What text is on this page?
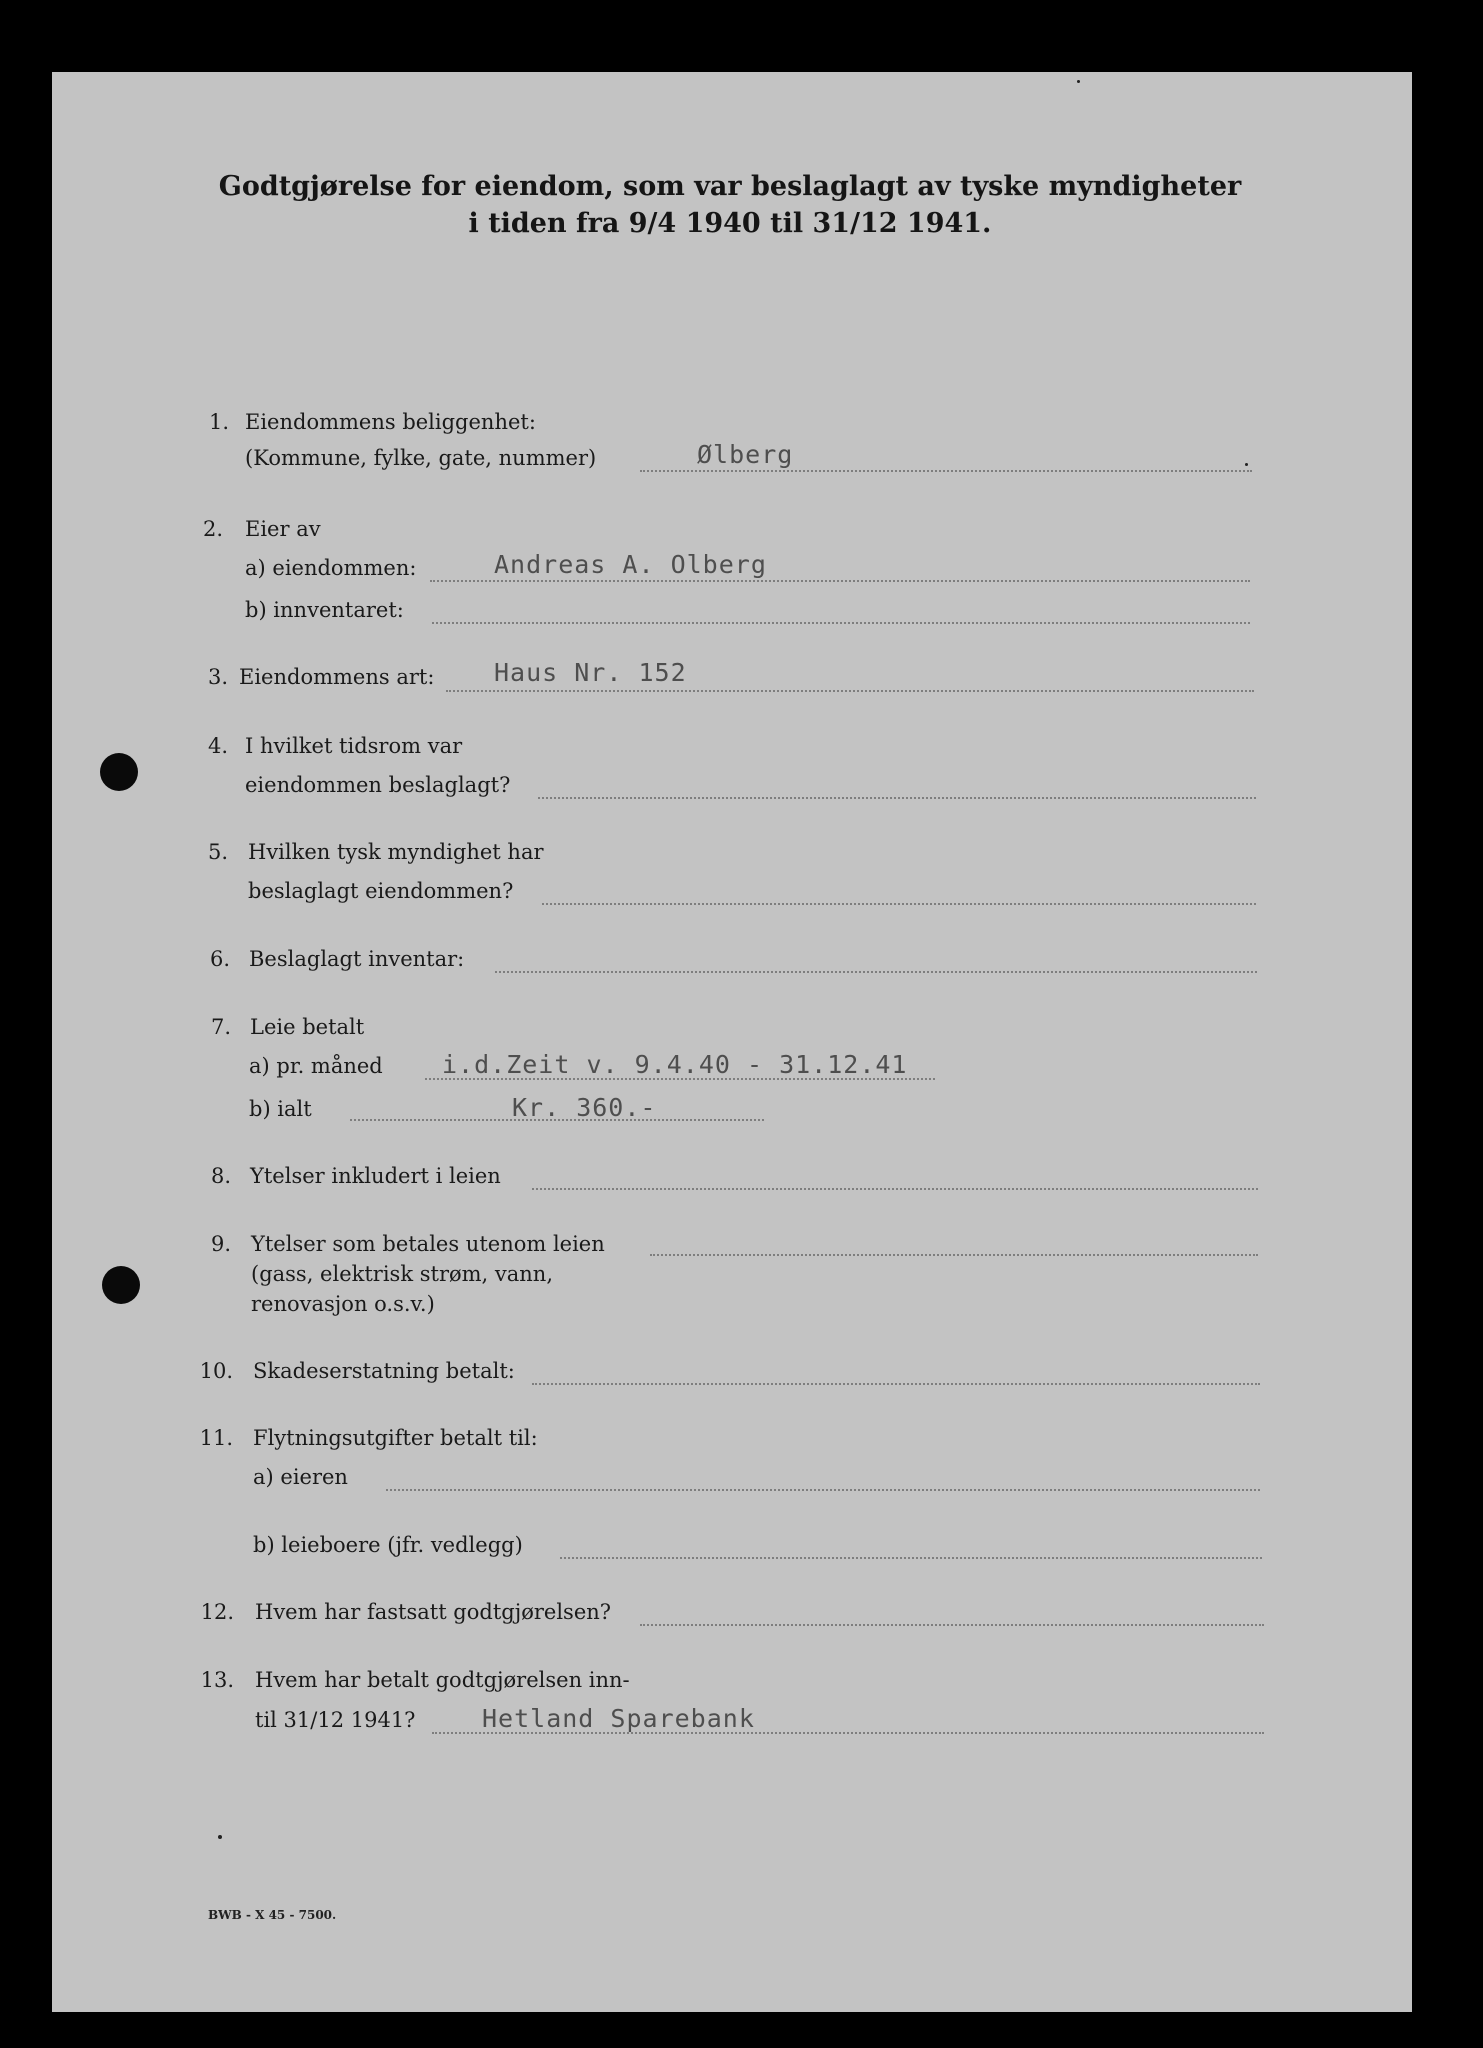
Godtgjørelse for eiendom, som var beslaglagt av tyske myndigheter
i tiden fra 9/4 1940 til 31/12 1941.
1. Eiendommens beliggenhet:
(Kommune, fylke, gate, nummer)	Ølberg
2. Eier av
a) eiendommen:	Andreas A. Olberg
b) innventaret:
3. Eiendommens art: Haus Nr. 152
4. I hvilket tidsrom var
eiendommen beslaglagt?
5. Hvilken tysk myndighet har
beslaglagt eiendommen?
6. Beslaglagt inventar:
7. Leie betalt
a) pr. måned i.d.Zeit v. 9.4.40 - 31.12.41
b) ialt	Kr. 360.-
8. Ytelser inkludert i leien
9. Ytelser som betales utenom leien
(gass, elektrisk strøm, vann,
renovasjon o.s.v.)
10. Skadeserstatning betalt:
11. Flytningsutgifter betalt til:
a) eieren
b) leieboere (jfr. vedlegg)
12. Hvem har fastsatt godtgjørelsen?
13. Hvem har betalt godtgjørelsen inn-
til 31/12 1941?	Hetland Sparebank
BWB - X 45 - 7500.
